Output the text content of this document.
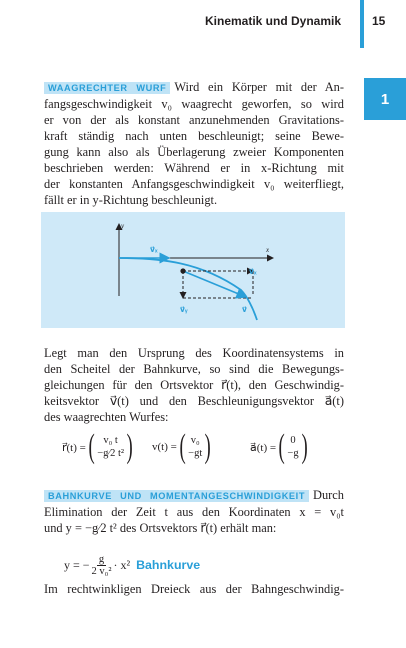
Kinematik und Dynamik	15
1
WAAGRECHTER WURF Wird ein Körper mit der An-
fangsgeschwindigkeit v₀ waagrecht geworfen, so wird
er von der als konstant anzunehmenden Gravitations-
kraft ständig nach unten beschleunigt; seine Bewe-
gung kann also als Überlagerung zweier Komponenten
beschrieben werden: Während er in x-Richtung mit
der konstanten Anfangsgeschwindigkeit v₀ weiterfliegt,
fällt er in y-Richtung beschleunigt.
y
x
v⃗ₓ
v⃗ₓ
v⃗ᵧ	v⃗
Legt man den Ursprung des Koordinatensystems in
den Scheitel der Bahnkurve, so sind die Bewegungs-
gleichungen für den Ortsvektor r⃗(t), den Geschwindig-
keitsvektor v⃗(t) und den Beschleunigungsvektor a⃗(t)
des waagrechten Wurfes:
r⃗(t) = ( v₀ t
−g⁄2 t² ) v(t) = ( v₀
−gt )	a⃗(t) = ( 0
−g )
BAHNKURVE UND MOMENTANGESCHWINDIGKEIT Durch
Elimination der Zeit t aus den Koordinaten x = v₀t
und y = −g⁄2 t² des Ortsvektors r⃗(t) erhält man:
y = − $\frac{g}{\text{2 v₀²}} \cdot x^2$ Bahnkurve
Im rechtwinkligen Dreieck aus der Bahngeschwindig-
